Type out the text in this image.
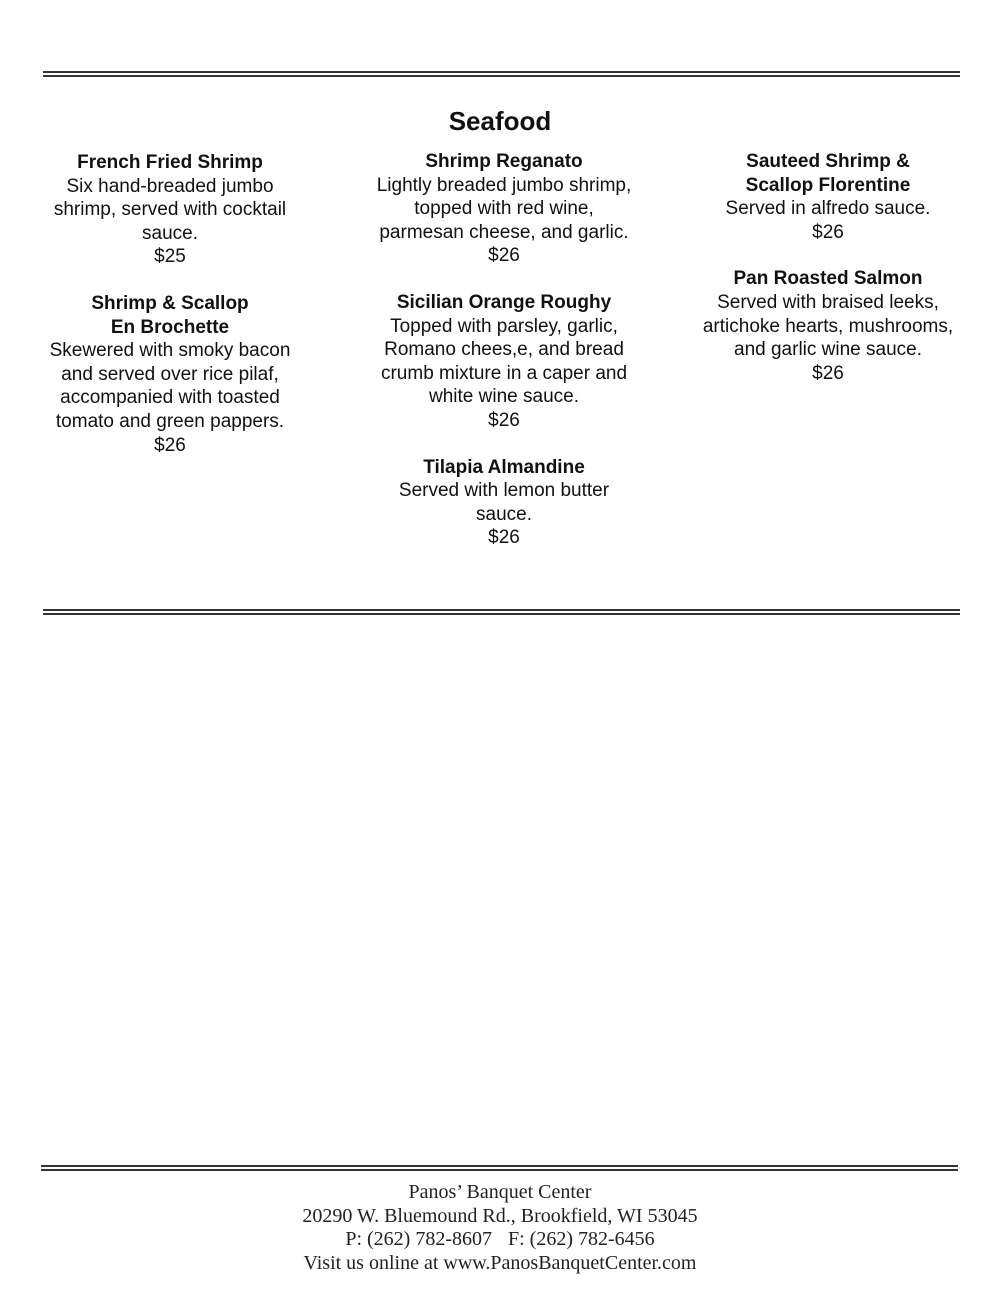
Seafood
French Fried Shrimp
Six hand-breaded jumbo shrimp, served with cocktail sauce.
$25
Shrimp & Scallop
En Brochette
Skewered with smoky bacon and served over rice pilaf, accompanied with toasted tomato and green pappers.
$26
Shrimp Reganato
Lightly breaded jumbo shrimp, topped with red wine, parmesan cheese, and garlic.
$26
Sicilian Orange Roughy
Topped with parsley, garlic, Romano chees,e, and bread crumb mixture in a caper and white wine sauce.
$26
Tilapia Almandine
Served with lemon butter sauce.
$26
Sauteed Shrimp &
Scallop Florentine
Served in alfredo sauce.
$26
Pan Roasted Salmon
Served with braised leeks, artichoke hearts, mushrooms, and garlic wine sauce.
$26
Panos’ Banquet Center
20290 W. Bluemound Rd., Brookfield, WI 53045
P: (262) 782-8607 F: (262) 782-6456
Visit us online at www.PanosBanquetCenter.com
